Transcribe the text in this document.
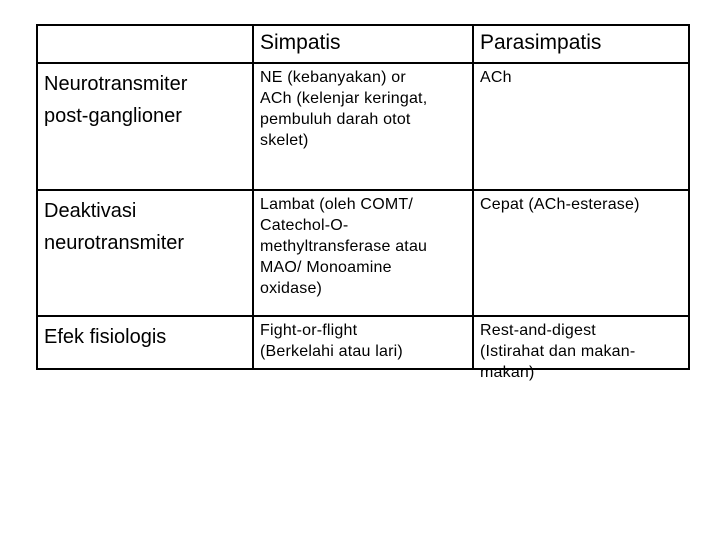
Simpatis	Parasimpatis
Neurotransmiter
post-ganglioner
NE (kebanyakan) or
ACh (kelenjar keringat,
pembuluh darah otot
skelet)
ACh
Deaktivasi
neurotransmiter
Lambat (oleh COMT/
Catechol-O-
methyltransferase atau
MAO/ Monoamine
oxidase)
Cepat (ACh-esterase)
Efek fisiologis	Fight-or-flight
(Berkelahi atau lari)
Rest-and-digest
(Istirahat dan makan-
makan)
